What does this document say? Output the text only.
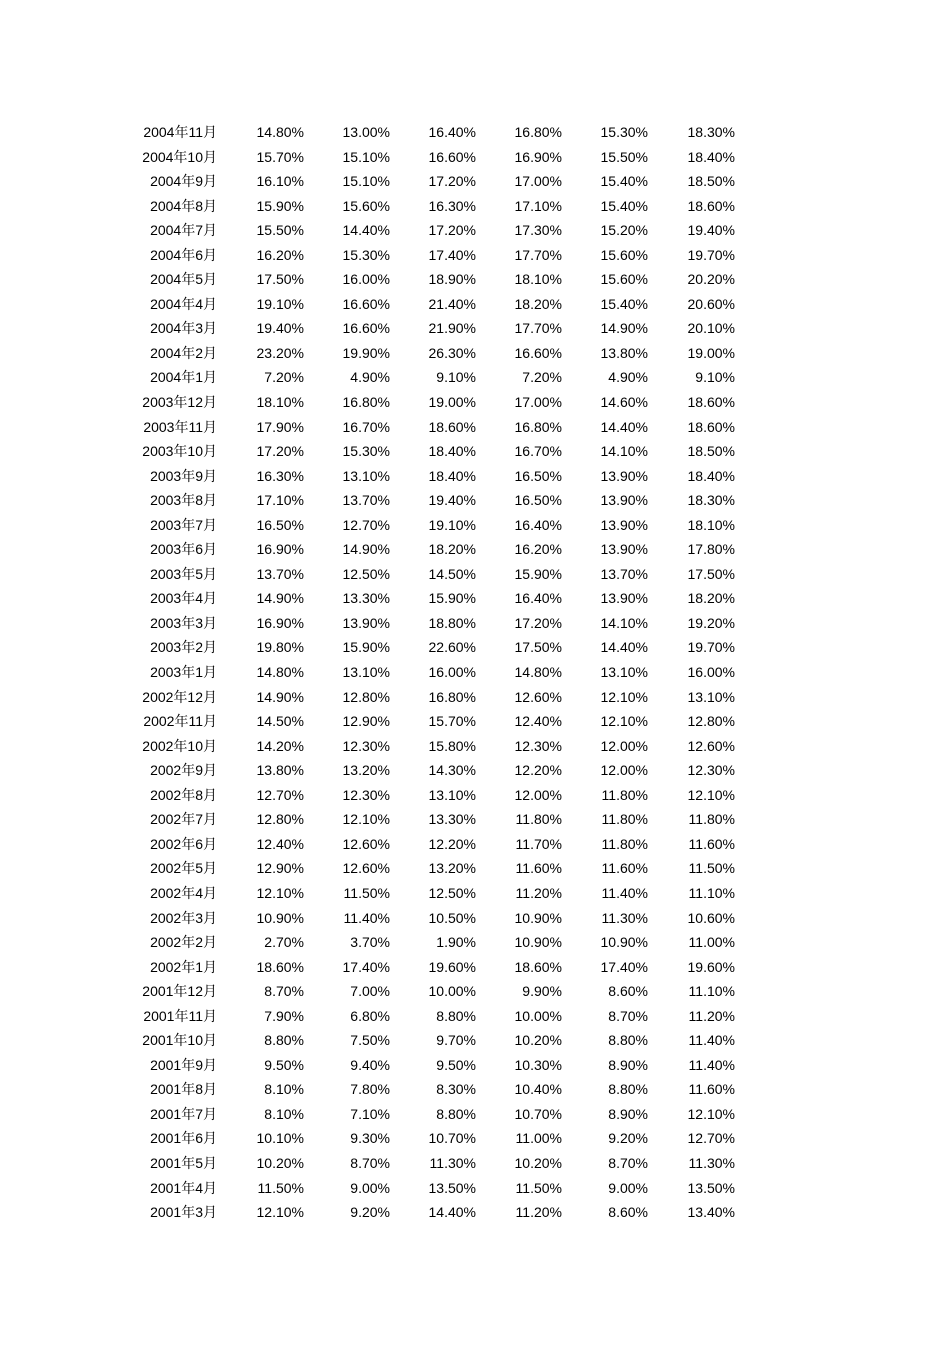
2004年11月	14.80%	13.00%	16.40%	16.80%	15.30%	18.30%
2004年10月	15.70%	15.10%	16.60%	16.90%	15.50%	18.40%
2004年9月	16.10%	15.10%	17.20%	17.00%	15.40%	18.50%
2004年8月	15.90%	15.60%	16.30%	17.10%	15.40%	18.60%
2004年7月	15.50%	14.40%	17.20%	17.30%	15.20%	19.40%
2004年6月	16.20%	15.30%	17.40%	17.70%	15.60%	19.70%
2004年5月	17.50%	16.00%	18.90%	18.10%	15.60%	20.20%
2004年4月	19.10%	16.60%	21.40%	18.20%	15.40%	20.60%
2004年3月	19.40%	16.60%	21.90%	17.70%	14.90%	20.10%
2004年2月	23.20%	19.90%	26.30%	16.60%	13.80%	19.00%
2004年1月	7.20%	4.90%	9.10%	7.20%	4.90%	9.10%
2003年12月	18.10%	16.80%	19.00%	17.00%	14.60%	18.60%
2003年11月	17.90%	16.70%	18.60%	16.80%	14.40%	18.60%
2003年10月	17.20%	15.30%	18.40%	16.70%	14.10%	18.50%
2003年9月	16.30%	13.10%	18.40%	16.50%	13.90%	18.40%
2003年8月	17.10%	13.70%	19.40%	16.50%	13.90%	18.30%
2003年7月	16.50%	12.70%	19.10%	16.40%	13.90%	18.10%
2003年6月	16.90%	14.90%	18.20%	16.20%	13.90%	17.80%
2003年5月	13.70%	12.50%	14.50%	15.90%	13.70%	17.50%
2003年4月	14.90%	13.30%	15.90%	16.40%	13.90%	18.20%
2003年3月	16.90%	13.90%	18.80%	17.20%	14.10%	19.20%
2003年2月	19.80%	15.90%	22.60%	17.50%	14.40%	19.70%
2003年1月	14.80%	13.10%	16.00%	14.80%	13.10%	16.00%
2002年12月	14.90%	12.80%	16.80%	12.60%	12.10%	13.10%
2002年11月	14.50%	12.90%	15.70%	12.40%	12.10%	12.80%
2002年10月	14.20%	12.30%	15.80%	12.30%	12.00%	12.60%
2002年9月	13.80%	13.20%	14.30%	12.20%	12.00%	12.30%
2002年8月	12.70%	12.30%	13.10%	12.00%	11.80%	12.10%
2002年7月	12.80%	12.10%	13.30%	11.80%	11.80%	11.80%
2002年6月	12.40%	12.60%	12.20%	11.70%	11.80%	11.60%
2002年5月	12.90%	12.60%	13.20%	11.60%	11.60%	11.50%
2002年4月	12.10%	11.50%	12.50%	11.20%	11.40%	11.10%
2002年3月	10.90%	11.40%	10.50%	10.90%	11.30%	10.60%
2002年2月	2.70%	3.70%	1.90%	10.90%	10.90%	11.00%
2002年1月	18.60%	17.40%	19.60%	18.60%	17.40%	19.60%
2001年12月	8.70%	7.00%	10.00%	9.90%	8.60%	11.10%
2001年11月	7.90%	6.80%	8.80%	10.00%	8.70%	11.20%
2001年10月	8.80%	7.50%	9.70%	10.20%	8.80%	11.40%
2001年9月	9.50%	9.40%	9.50%	10.30%	8.90%	11.40%
2001年8月	8.10%	7.80%	8.30%	10.40%	8.80%	11.60%
2001年7月	8.10%	7.10%	8.80%	10.70%	8.90%	12.10%
2001年6月	10.10%	9.30%	10.70%	11.00%	9.20%	12.70%
2001年5月	10.20%	8.70%	11.30%	10.20%	8.70%	11.30%
2001年4月	11.50%	9.00%	13.50%	11.50%	9.00%	13.50%
2001年3月	12.10%	9.20%	14.40%	11.20%	8.60%	13.40%
